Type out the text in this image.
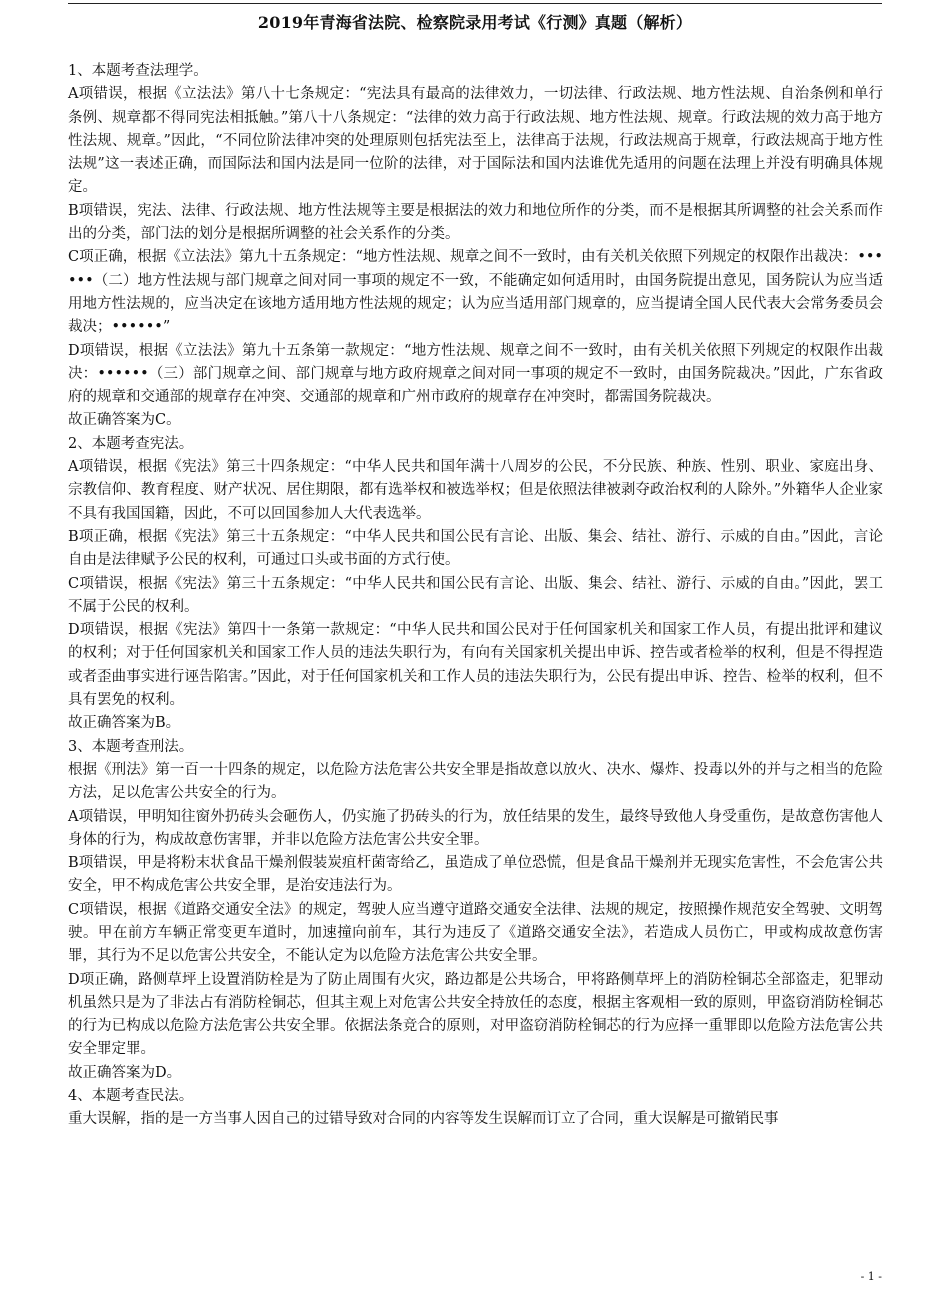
2019年青海省法院、检察院录用考试《行测》真题（解析）

1、本题考查法理学。

A项错误，根据《立法法》第八十七条规定：“宪法具有最高的法律效力，一切法律、行政法规、地方性法规、自治条例和单行条例、规章都不得同宪法相抵触。”第八十八条规定：“法律的效力高于行政法规、地方性法规、规章。行政法规的效力高于地方性法规、规章。”因此，“不同位阶法律冲突的处理原则包括宪法至上，法律高于法规，行政法规高于规章，行政法规高于地方性法规”这一表述正确，而国际法和国内法是同一位阶的法律，对于国际法和国内法谁优先适用的问题在法理上并没有明确具体规定。

B项错误，宪法、法律、行政法规、地方性法规等主要是根据法的效力和地位所作的分类，而不是根据其所调整的社会关系而作出的分类，部门法的划分是根据所调整的社会关系作的分类。

C项正确，根据《立法法》第九十五条规定：“地方性法规、规章之间不一致时，由有关机关依照下列规定的权限作出裁决：••••••（二）地方性法规与部门规章之间对同一事项的规定不一致，不能确定如何适用时，由国务院提出意见，国务院认为应当适用地方性法规的，应当决定在该地方适用地方性法规的规定；认为应当适用部门规章的，应当提请全国人民代表大会常务委员会裁决；••••••”

D项错误，根据《立法法》第九十五条第一款规定：“地方性法规、规章之间不一致时，由有关机关依照下列规定的权限作出裁决：••••••（三）部门规章之间、部门规章与地方政府规章之间对同一事项的规定不一致时，由国务院裁决。”因此，广东省政府的规章和交通部的规章存在冲突、交通部的规章和广州市政府的规章存在冲突时，都需国务院裁决。

故正确答案为C。

2、本题考查宪法。

A项错误，根据《宪法》第三十四条规定：“中华人民共和国年满十八周岁的公民，不分民族、种族、性别、职业、家庭出身、宗教信仰、教育程度、财产状况、居住期限，都有选举权和被选举权；但是依照法律被剥夺政治权利的人除外。”外籍华人企业家不具有我国国籍，因此，不可以回国参加人大代表选举。

B项正确，根据《宪法》第三十五条规定：“中华人民共和国公民有言论、出版、集会、结社、游行、示威的自由。”因此，言论自由是法律赋予公民的权利，可通过口头或书面的方式行使。

C项错误，根据《宪法》第三十五条规定：“中华人民共和国公民有言论、出版、集会、结社、游行、示威的自由。”因此，罢工不属于公民的权利。

D项错误，根据《宪法》第四十一条第一款规定：“中华人民共和国公民对于任何国家机关和国家工作人员，有提出批评和建议的权利；对于任何国家机关和国家工作人员的违法失职行为，有向有关国家机关提出申诉、控告或者检举的权利，但是不得捏造或者歪曲事实进行诬告陷害。”因此，对于任何国家机关和工作人员的违法失职行为，公民有提出申诉、控告、检举的权利，但不具有罢免的权利。

故正确答案为B。

3、本题考查刑法。

根据《刑法》第一百一十四条的规定，以危险方法危害公共安全罪是指故意以放火、决水、爆炸、投毒以外的并与之相当的危险方法，足以危害公共安全的行为。

A项错误，甲明知往窗外扔砖头会砸伤人，仍实施了扔砖头的行为，放任结果的发生，最终导致他人身受重伤，是故意伤害他人身体的行为，构成故意伤害罪，并非以危险方法危害公共安全罪。

B项错误，甲是将粉末状食品干燥剂假装炭疽杆菌寄给乙，虽造成了单位恐慌，但是食品干燥剂并无现实危害性，不会危害公共安全，甲不构成危害公共安全罪，是治安违法行为。

C项错误，根据《道路交通安全法》的规定，驾驶人应当遵守道路交通安全法律、法规的规定，按照操作规范安全驾驶、文明驾驶。甲在前方车辆正常变更车道时，加速撞向前车，其行为违反了《道路交通安全法》，若造成人员伤亡，甲或构成故意伤害罪，其行为不足以危害公共安全，不能认定为以危险方法危害公共安全罪。

D项正确，路侧草坪上设置消防栓是为了防止周围有火灾，路边都是公共场合，甲将路侧草坪上的消防栓铜芯全部盗走，犯罪动机虽然只是为了非法占有消防栓铜芯，但其主观上对危害公共安全持放任的态度，根据主客观相一致的原则，甲盗窃消防栓铜芯的行为已构成以危险方法危害公共安全罪。依据法条竞合的原则，对甲盗窃消防栓铜芯的行为应择一重罪即以危险方法危害公共安全罪定罪。

故正确答案为D。

4、本题考查民法。

重大误解，指的是一方当事人因自己的过错导致对合同的内容等发生误解而订立了合同，重大误解是可撤销民事

- 1 -
